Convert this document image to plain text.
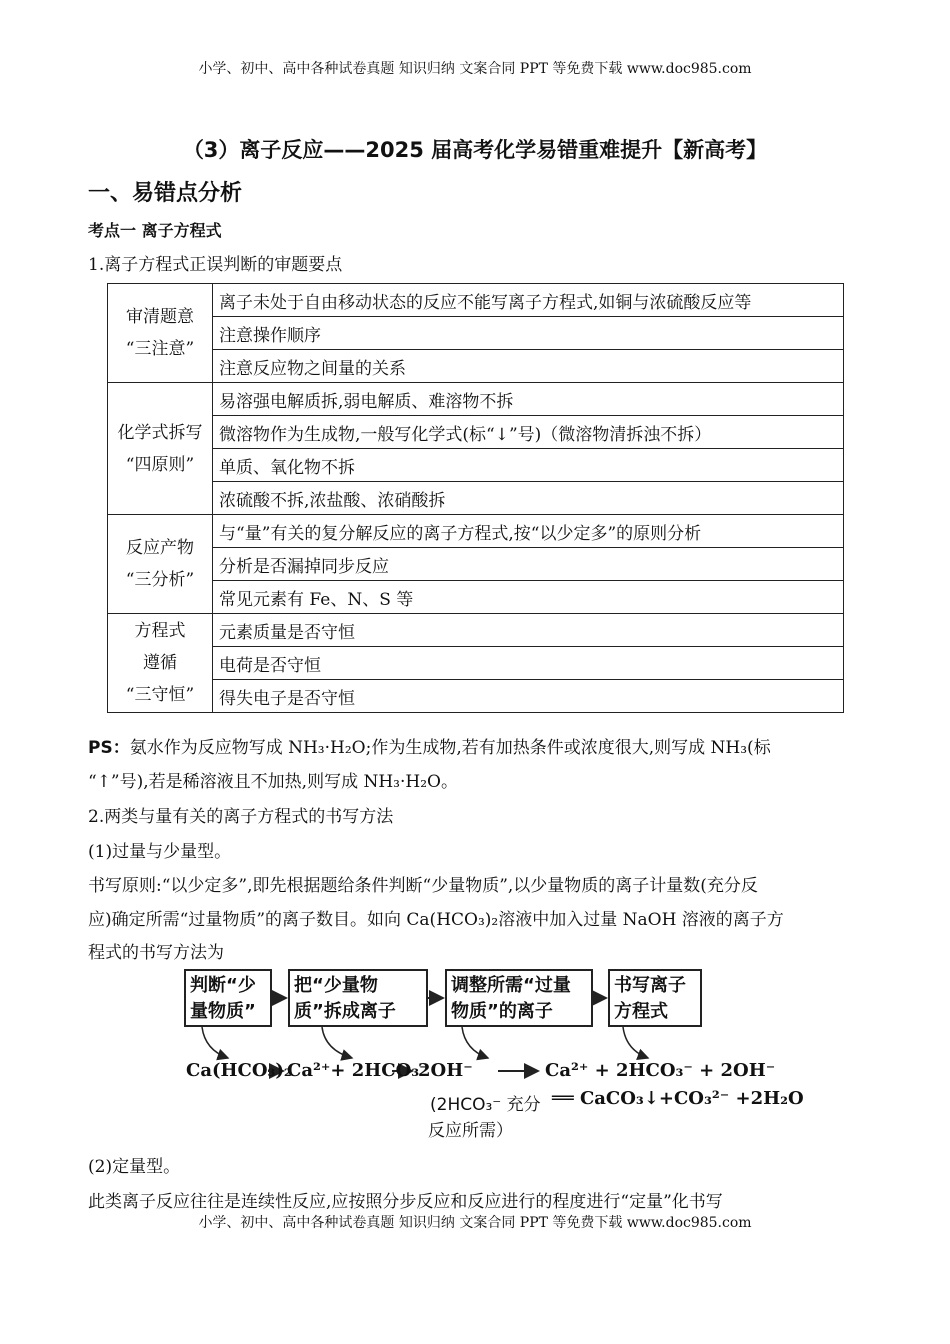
小学、初中、高中各种试卷真题 知识归纳 文案合同 PPT 等免费下载 www.doc985.com
（3）离子反应——2025 届高考化学易错重难提升【新高考】
一、易错点分析
考点一 离子方程式
1.离子方程式正误判断的审题要点
审清题意
“三注意”	离子未处于自由移动状态的反应不能写离子方程式,如铜与浓硫酸反应等
	注意操作顺序
	注意反应物之间量的关系

化学式拆写
“四原则”	易溶强电解质拆,弱电解质、难溶物不拆
	微溶物作为生成物,一般写化学式(标“↓”号)（微溶物清拆浊不拆）
	单质、氧化物不拆
	浓硫酸不拆,浓盐酸、浓硝酸拆

反应产物
“三分析”	与“量”有关的复分解反应的离子方程式,按“以少定多”的原则分析
	分析是否漏掉同步反应
	常见元素有 Fe、N、S 等

方程式
遵循
“三守恒”	元素质量是否守恒
	电荷是否守恒
	得失电子是否守恒
PS：氨水作为反应物写成 NH₃·H₂O;作为生成物,若有加热条件或浓度很大,则写成 NH₃(标
“↑”号),若是稀溶液且不加热,则写成 NH₃·H₂O。
2.两类与量有关的离子方程式的书写方法
(1)过量与少量型。
书写原则:“以少定多”,即先根据题给条件判断“少量物质”,以少量物质的离子计量数(充分反
应)确定所需“过量物质”的离子数目。如向 Ca(HCO₃)₂溶液中加入过量 NaOH 溶液的离子方
程式的书写方法为
判断“少量物质”
把“少量物质”拆成离子
调整所需“过量物质”的离子
书写离子方程式
Ca(HCO₃)₂
Ca²⁺+ 2HCO₃⁻
2OH⁻	Ca²⁺ + 2HCO₃⁻ + 2OH⁻
(2HCO₃⁻ 充分 ══ CaCO₃↓+CO₃²⁻ +2H₂O
反应所需）
(2)定量型。
此类离子反应往往是连续性反应,应按照分步反应和反应进行的程度进行“定量”化书写
小学、初中、高中各种试卷真题 知识归纳 文案合同 PPT 等免费下载 www.doc985.com
